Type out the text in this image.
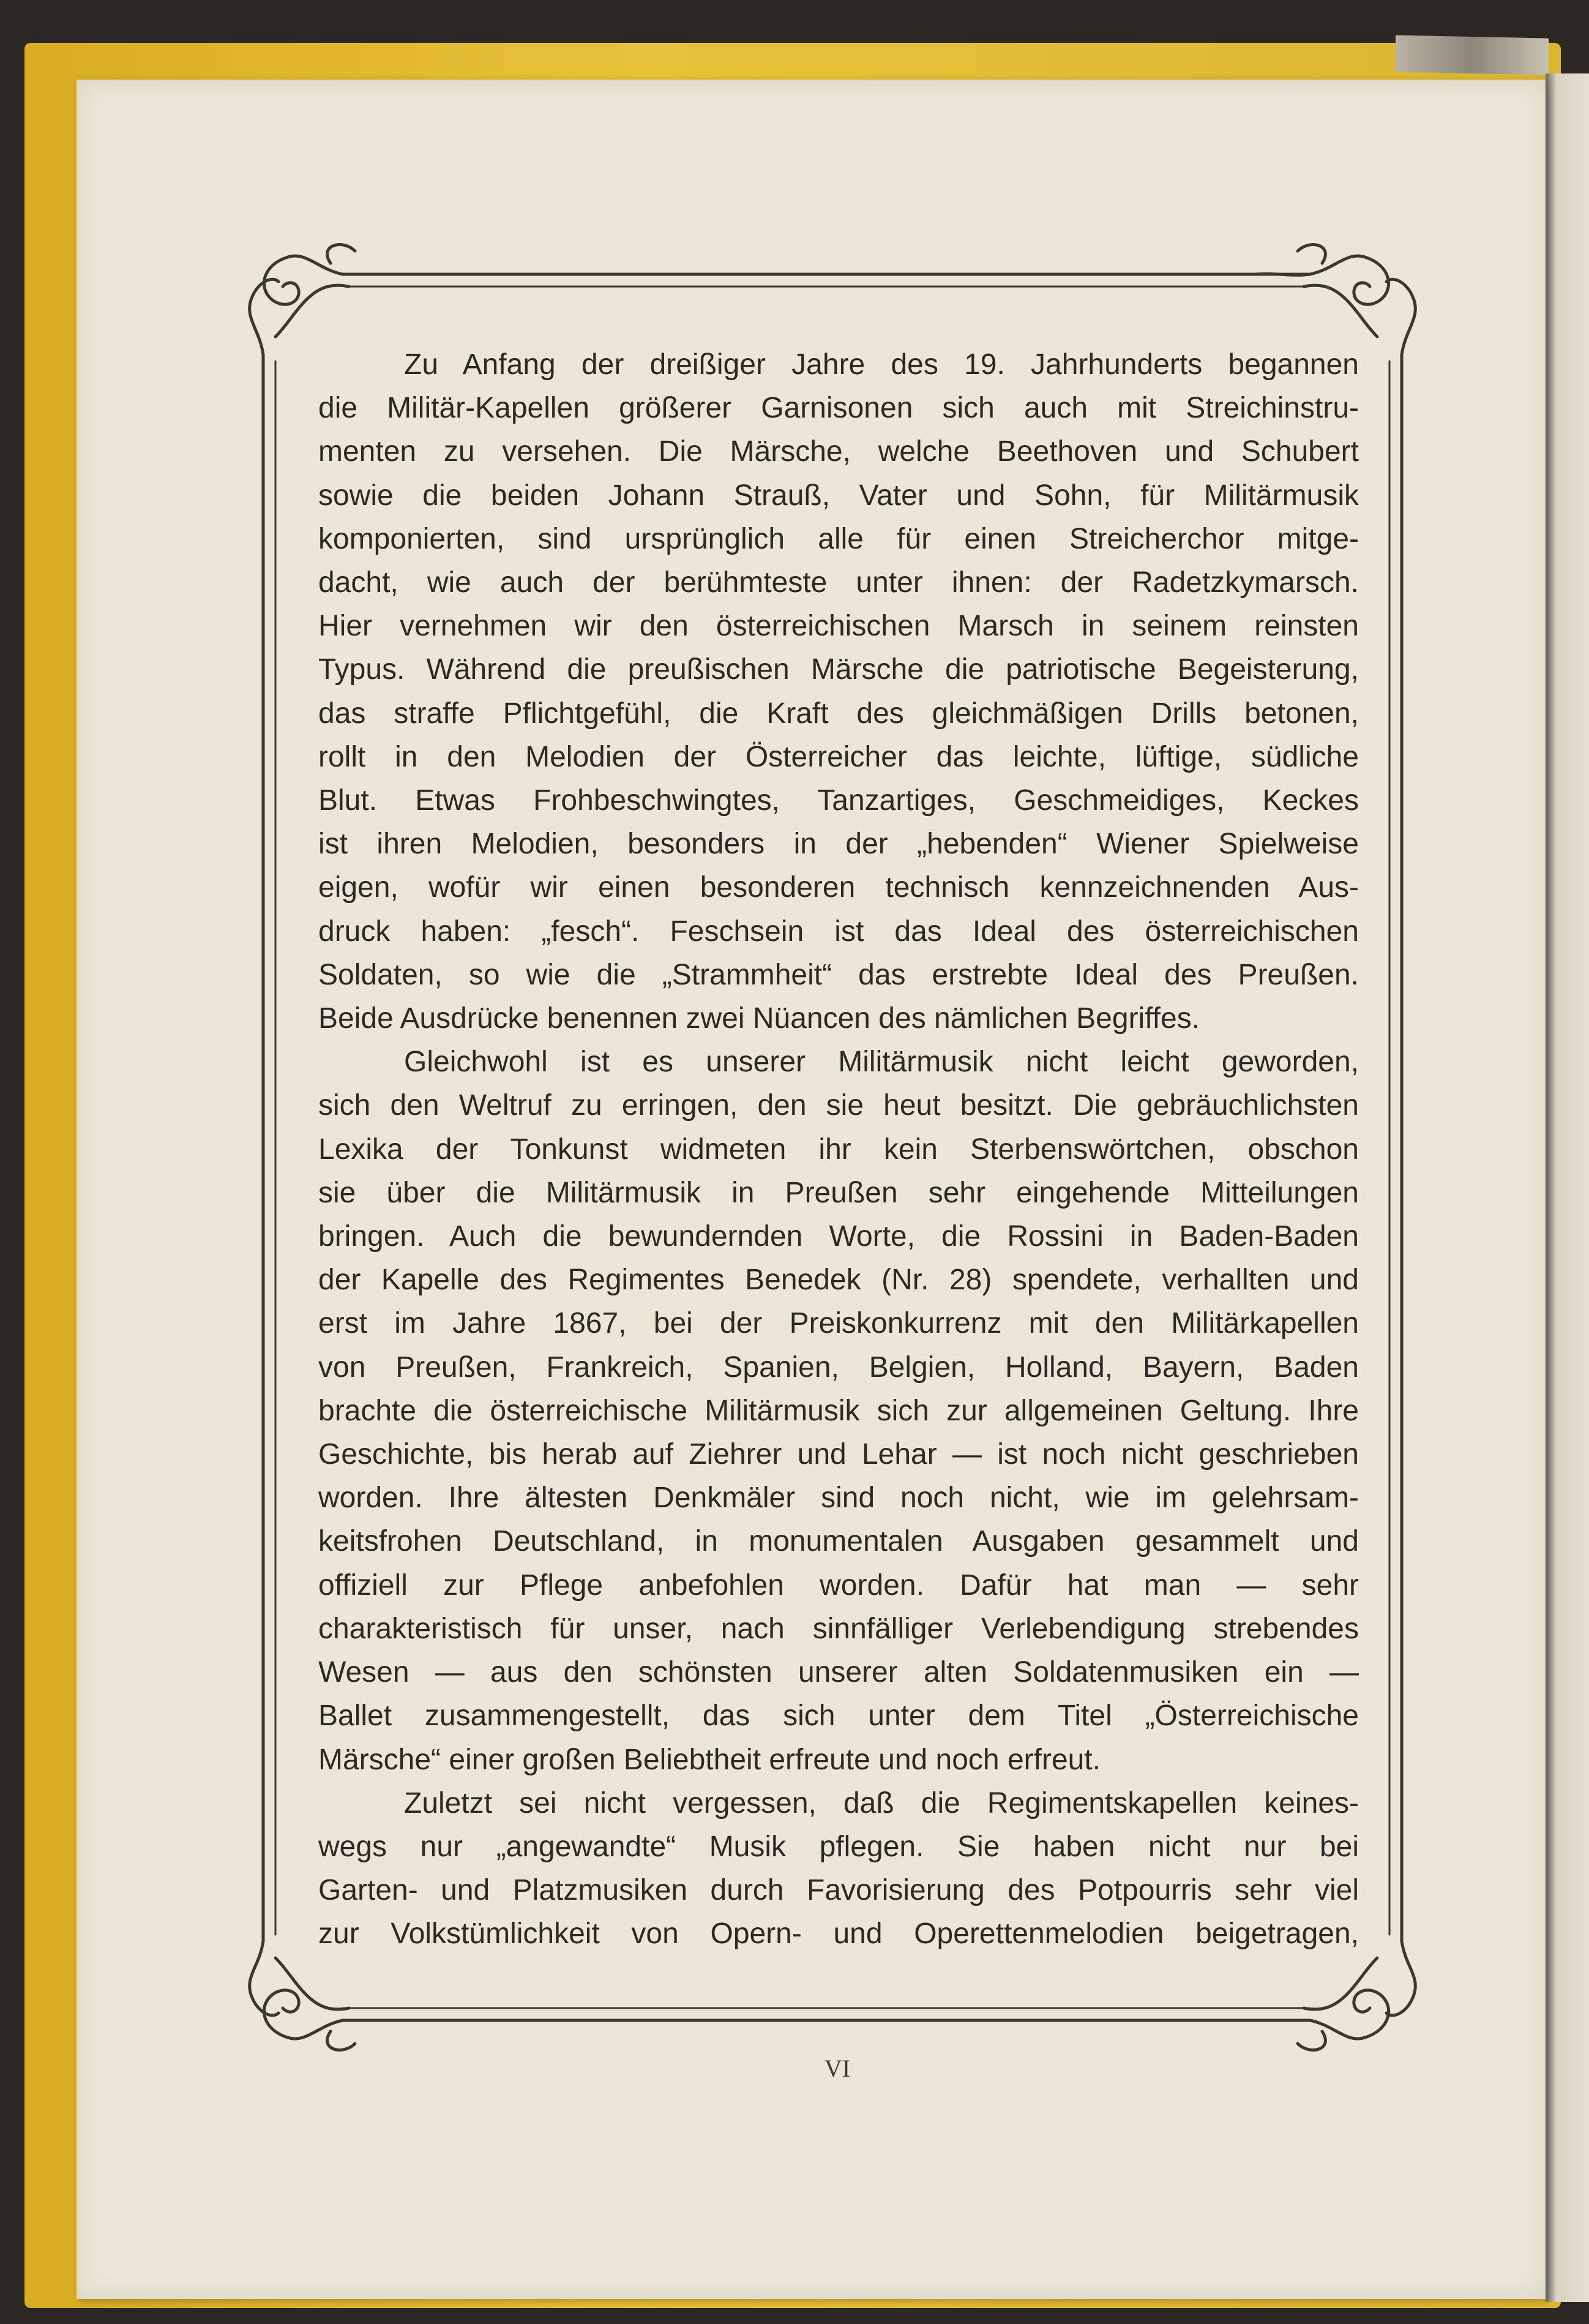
Zu Anfang der dreißiger Jahre des 19. Jahrhunderts begannen

die Militär-Kapellen größerer Garnisonen sich auch mit Streichinstru-

menten zu versehen. Die Märsche, welche Beethoven und Schubert

sowie die beiden Johann Strauß, Vater und Sohn, für Militärmusik

komponierten, sind ursprünglich alle für einen Streicherchor mitge-

dacht, wie auch der berühmteste unter ihnen: der Radetzkymarsch.

Hier vernehmen wir den österreichischen Marsch in seinem reinsten

Typus. Während die preußischen Märsche die patriotische Begeisterung,

das straffe Pflichtgefühl, die Kraft des gleichmäßigen Drills betonen,

rollt in den Melodien der Österreicher das leichte, lüftige, südliche

Blut. Etwas Frohbeschwingtes, Tanzartiges, Geschmeidiges, Keckes

ist ihren Melodien, besonders in der „hebenden“ Wiener Spielweise

eigen, wofür wir einen besonderen technisch kennzeichnenden Aus-

druck haben: „fesch“. Feschsein ist das Ideal des österreichischen

Soldaten, so wie die „Strammheit“ das erstrebte Ideal des Preußen.

Beide Ausdrücke benennen zwei Nüancen des nämlichen Begriffes.

Gleichwohl ist es unserer Militärmusik nicht leicht geworden,

sich den Weltruf zu erringen, den sie heut besitzt. Die gebräuchlichsten

Lexika der Tonkunst widmeten ihr kein Sterbenswörtchen, obschon

sie über die Militärmusik in Preußen sehr eingehende Mitteilungen

bringen. Auch die bewundernden Worte, die Rossini in Baden-Baden

der Kapelle des Regimentes Benedek (Nr. 28) spendete, verhallten und

erst im Jahre 1867, bei der Preiskonkurrenz mit den Militärkapellen

von Preußen, Frankreich, Spanien, Belgien, Holland, Bayern, Baden

brachte die österreichische Militärmusik sich zur allgemeinen Geltung. Ihre

Geschichte, bis herab auf Ziehrer und Lehar — ist noch nicht geschrieben

worden. Ihre ältesten Denkmäler sind noch nicht, wie im gelehrsam-

keitsfrohen Deutschland, in monumentalen Ausgaben gesammelt und

offiziell zur Pflege anbefohlen worden. Dafür hat man — sehr

charakteristisch für unser, nach sinnfälliger Verlebendigung strebendes

Wesen — aus den schönsten unserer alten Soldatenmusiken ein —

Ballet zusammengestellt, das sich unter dem Titel „Österreichische

Märsche“ einer großen Beliebtheit erfreute und noch erfreut.

Zuletzt sei nicht vergessen, daß die Regimentskapellen keines-

wegs nur „angewandte“ Musik pflegen. Sie haben nicht nur bei

Garten- und Platzmusiken durch Favorisierung des Potpourris sehr viel

zur Volkstümlichkeit von Opern- und Operettenmelodien beigetragen,

VI
